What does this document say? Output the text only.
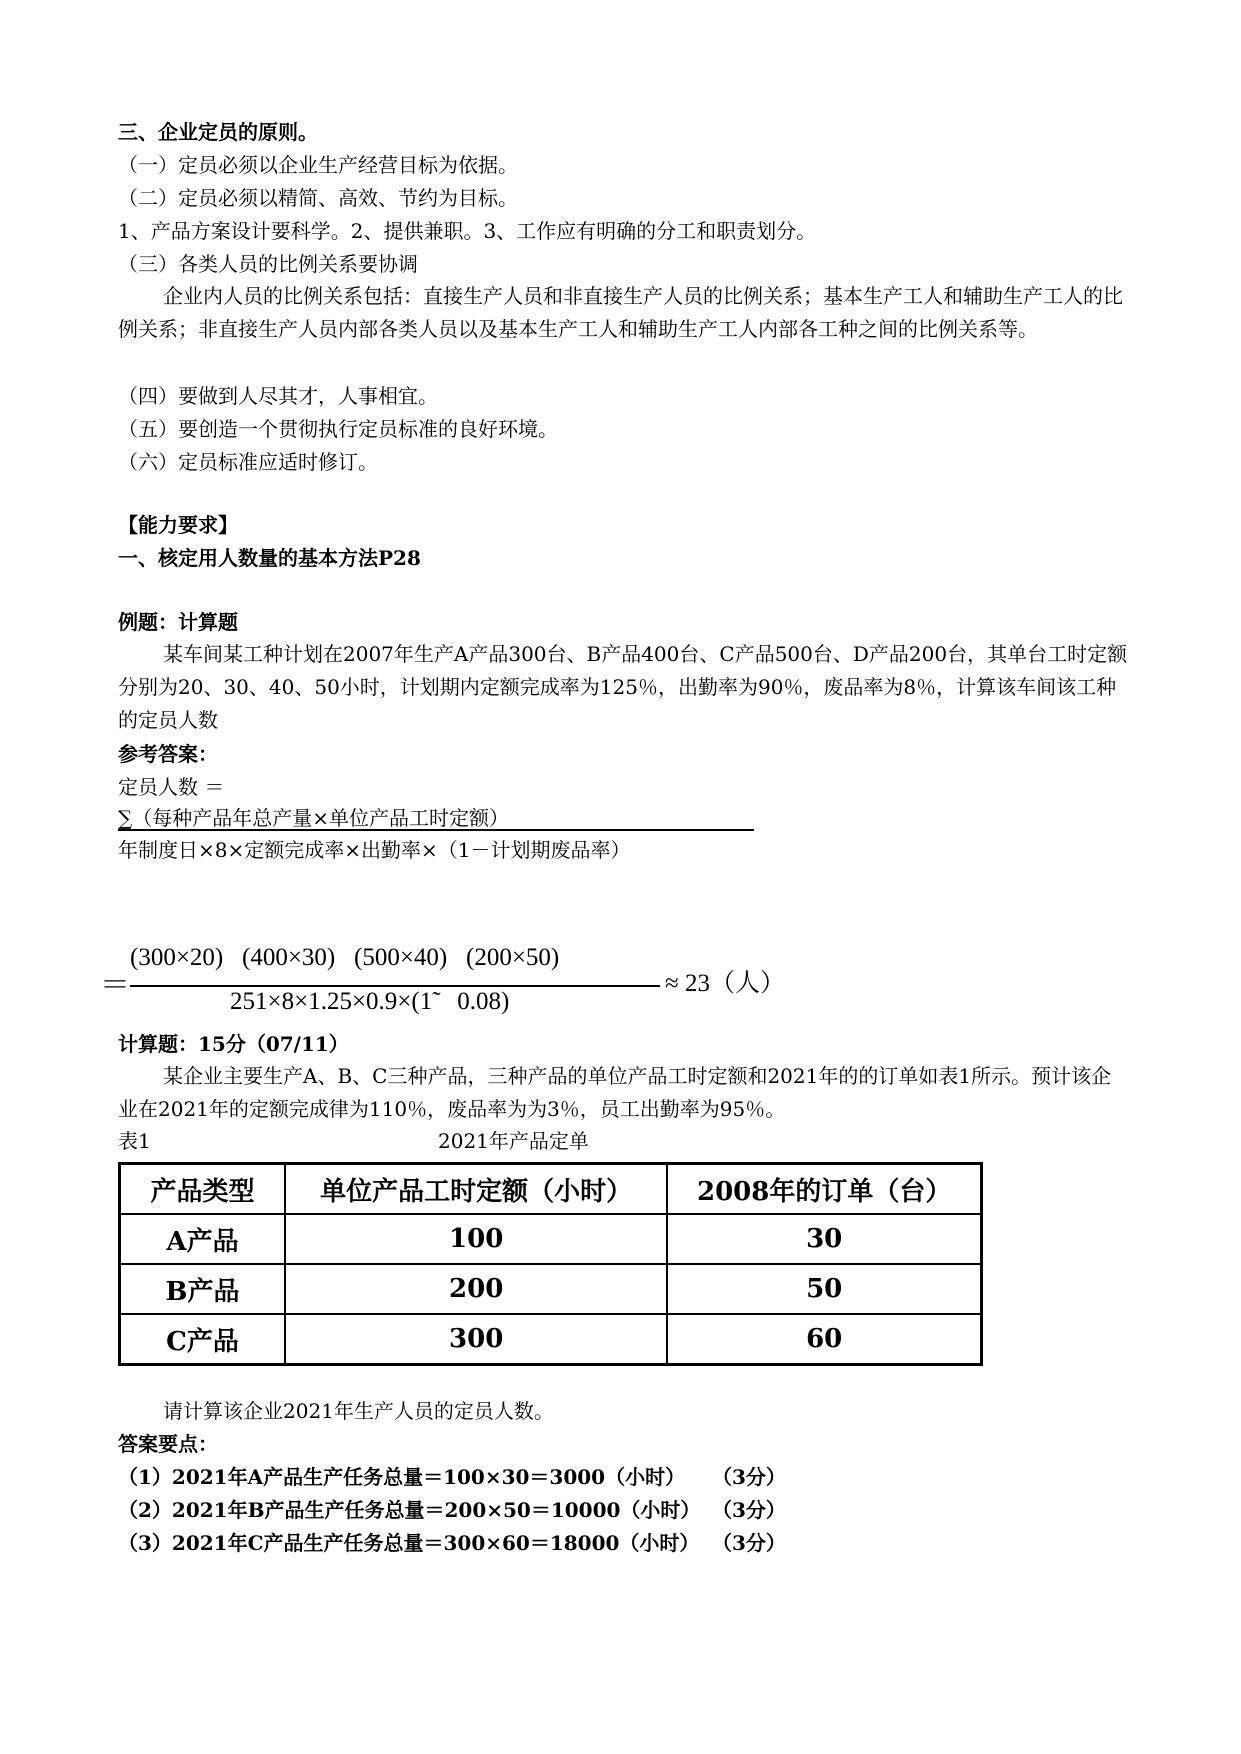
三、企业定员的原则。
（一）定员必须以企业生产经营目标为依据。
（二）定员必须以精简、高效、节约为目标。
1、产品方案设计要科学。2、提供兼职。3、工作应有明确的分工和职责划分。
（三）各类人员的比例关系要协调
企业内人员的比例关系包括：直接生产人员和非直接生产人员的比例关系；基本生产工人和辅助生产工人的比例关系；非直接生产人员内部各类人员以及基本生产工人和辅助生产工人内部各工种之间的比例关系等。
（四）要做到人尽其才，人事相宜。
（五）要创造一个贯彻执行定员标准的良好环境。
（六）定员标准应适时修订。
【能力要求】
一、核定用人数量的基本方法P28
例题：计算题
某车间某工种计划在2007年生产A产品300台、B产品400台、C产品500台、D产品200台，其单台工时定额分别为20、30、40、50小时，计划期内定额完成率为125％，出勤率为90％，废品率为8％，计算该车间该工种的定员人数
参考答案：
定员人数 ＝
∑（每种产品年总产量×单位产品工时定额）
年制度日×8×定额完成率×出勤率×（1－计划期废品率）
＝
(300×20)   (400×30)   (500×40)   (200×50)
251×8×1.25×0.9×(1̃    0.08)
≈ 23（人）
计算题：15分（07/11）
某企业主要生产A、B、C三种产品，三种产品的单位产品工时定额和2021年的的订单如表1所示。预计该企业在2021年的定额完成律为110％，废品率为为3％，员工出勤率为95％。
表1	2021年产品定单
产品类型	单位产品工时定额（小时）	2008年的订单（台）
A产品	100	30
B产品	200	50
C产品	300	60
请计算该企业2021年生产人员的定员人数。
答案要点：
（1）2021年A产品生产任务总量＝100×30＝3000（小时） （3分）
（2）2021年B产品生产任务总量＝200×50＝10000（小时） （3分）
（3）2021年C产品生产任务总量＝300×60＝18000（小时） （3分）
